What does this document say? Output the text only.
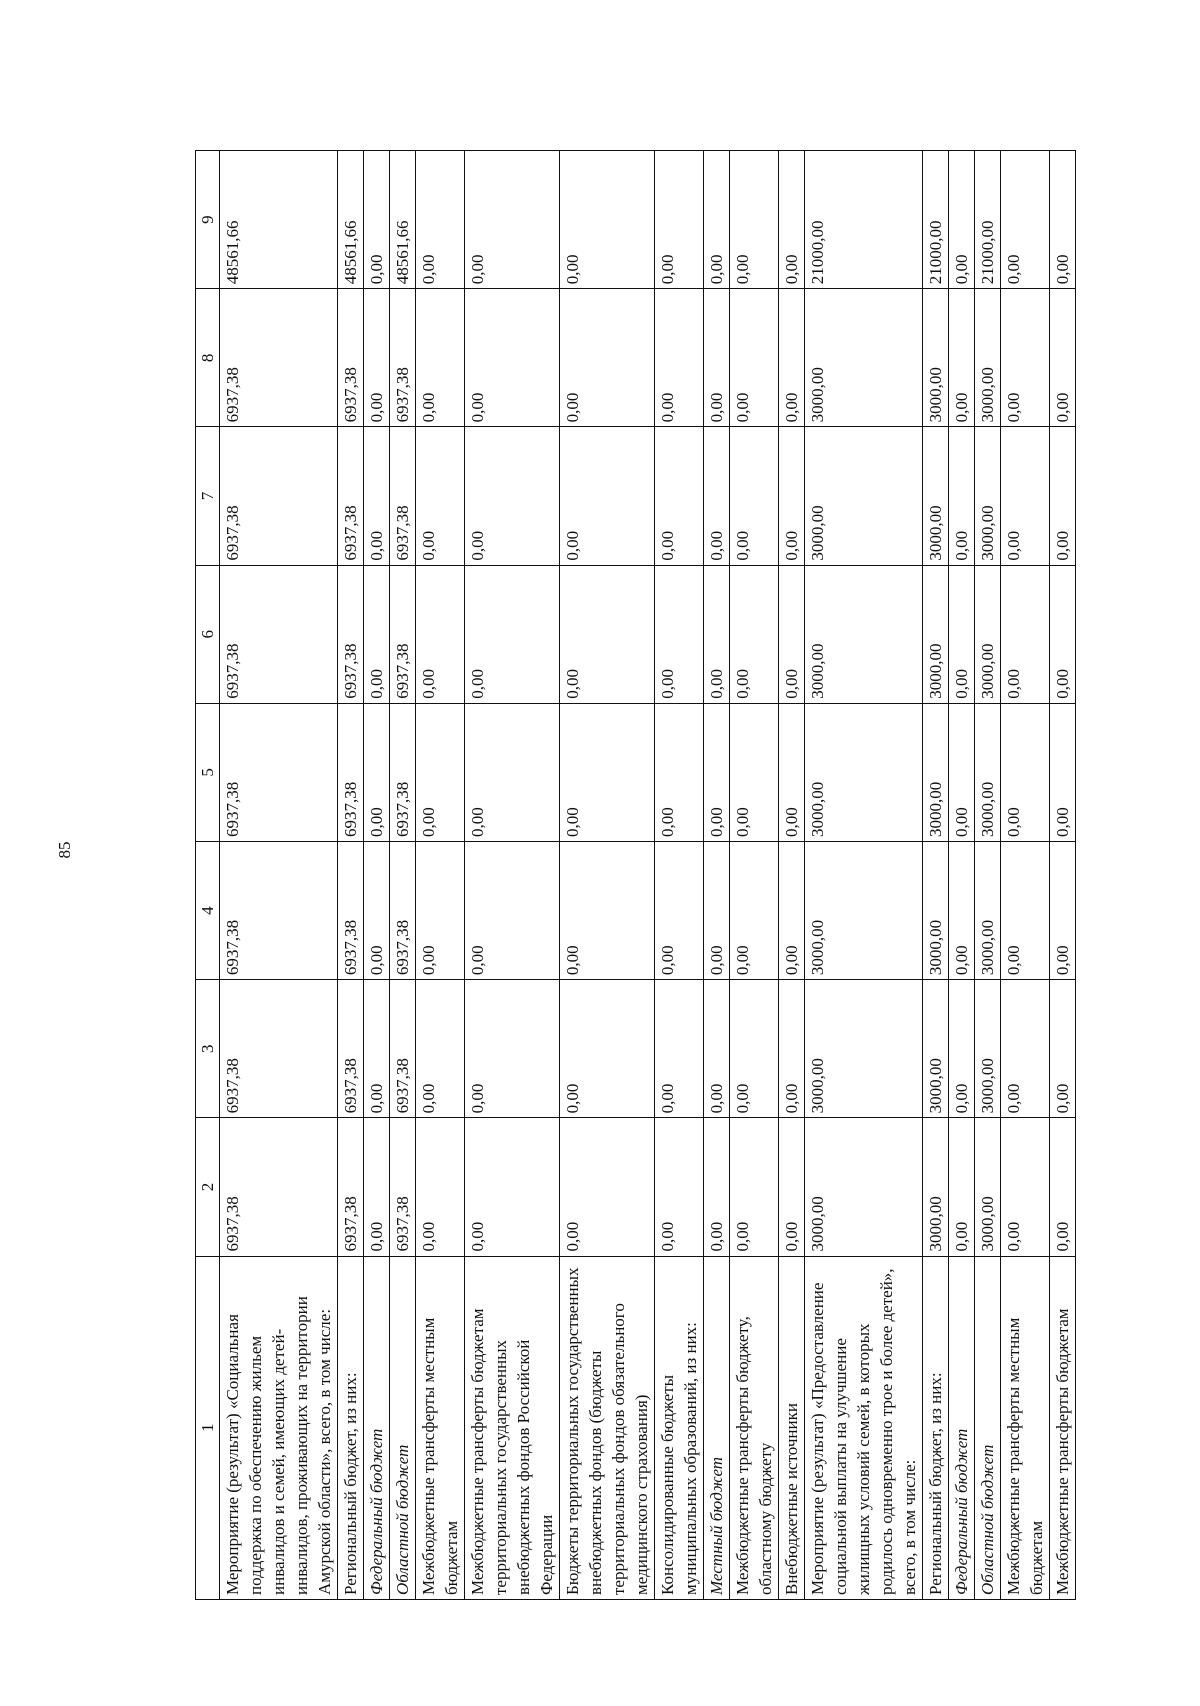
85
1	2	3	4	5	6	7	8	9
Мероприятие (результат) «Социальная поддержка по обеспечению жильем инвалидов и семей, имеющих детей-инвалидов, проживающих на территории Амурской области», всего, в том числе:	6937,38	6937,38	6937,38	6937,38	6937,38	6937,38	6937,38	48561,66
Региональный бюджет, из них:	6937,38	6937,38	6937,38	6937,38	6937,38	6937,38	6937,38	48561,66
Федеральный бюджет	0,00	0,00	0,00	0,00	0,00	0,00	0,00	0,00
Областной бюджет	6937,38	6937,38	6937,38	6937,38	6937,38	6937,38	6937,38	48561,66
Межбюджетные трансферты местным бюджетам	0,00	0,00	0,00	0,00	0,00	0,00	0,00	0,00
Межбюджетные трансферты бюджетам территориальных государственных внебюджетных фондов Российской Федерации	0,00	0,00	0,00	0,00	0,00	0,00	0,00	0,00
Бюджеты территориальных государственных внебюджетных фондов (бюджеты территориальных фондов обязательного медицинского страхования)	0,00	0,00	0,00	0,00	0,00	0,00	0,00	0,00
Консолидированные бюджеты муниципальных образований, из них:	0,00	0,00	0,00	0,00	0,00	0,00	0,00	0,00
Местный бюджет	0,00	0,00	0,00	0,00	0,00	0,00	0,00	0,00
Межбюджетные трансферты бюджету, областному бюджету	0,00	0,00	0,00	0,00	0,00	0,00	0,00	0,00
Внебюджетные источники	0,00	0,00	0,00	0,00	0,00	0,00	0,00	0,00
Мероприятие (результат) «Предоставление социальной выплаты на улучшение жилищных условий семей, в которых родилось одновременно трое и более детей», всего, в том числе:	3000,00	3000,00	3000,00	3000,00	3000,00	3000,00	3000,00	21000,00
Региональный бюджет, из них:	3000,00	3000,00	3000,00	3000,00	3000,00	3000,00	3000,00	21000,00
Федеральный бюджет	0,00	0,00	0,00	0,00	0,00	0,00	0,00	0,00
Областной бюджет	3000,00	3000,00	3000,00	3000,00	3000,00	3000,00	3000,00	21000,00
Межбюджетные трансферты местным бюджетам	0,00	0,00	0,00	0,00	0,00	0,00	0,00	0,00
Межбюджетные трансферты бюджетам	0,00	0,00	0,00	0,00	0,00	0,00	0,00	0,00
